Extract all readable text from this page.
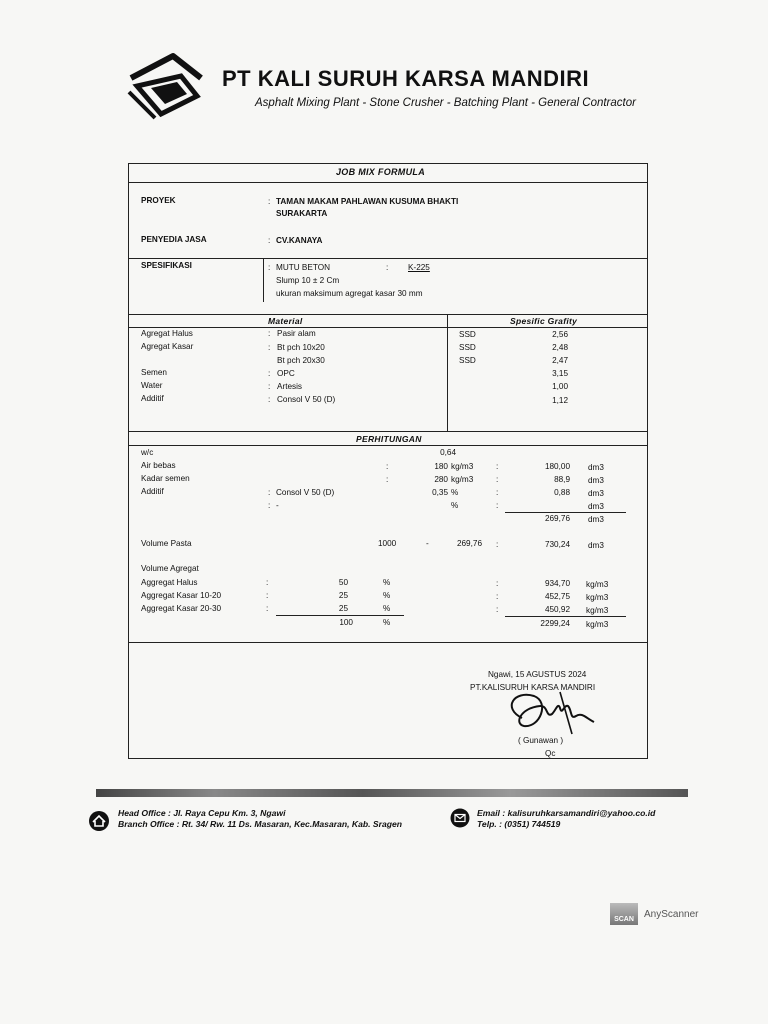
PT KALI SURUH KARSA MANDIRI
Asphalt Mixing Plant - Stone Crusher - Batching Plant - General Contractor
JOB MIX FORMULA
PROYEK	: TAMAN MAKAM PAHLAWAN KUSUMA BHAKTI
SURAKARTA
PENYEDIA JASA	: CV.KANAYA
SPESIFIKASI	: MUTU BETON	: K-225
Slump 10 ± 2 Cm
ukuran maksimum agregat kasar 30 mm
Material	Spesific Grafity
Agregat Halus	: Pasir alam	SSD	2,56
Agregat Kasar	: Bt pch 10x20	SSD	2,48
Bt pch 20x30	SSD	2,47
Semen	: OPC	3,15
Water	: Artesis	1,00
Additif	: Consol V 50 (D)	1,12
PERHITUNGAN
w/c	0,64
Air bebas	:	180 kg/m3	:	180,00 dm3
Kadar semen	:	280 kg/m3	:	88,9 dm3
Additif	: Consol V 50 (D)	0,35 %	:	0,88 dm3
: -	%	:	dm3
269,76 dm3
Volume Pasta	1000	-	269,76 :	730,24 dm3
Volume Agregat
Aggregat Halus	:	50	%	:	934,70 kg/m3
Aggregat Kasar 10-20	:	25	%	:	452,75 kg/m3
Aggregat Kasar 20-30	:	25	%	:	450,92 kg/m3
100	%	2299,24 kg/m3
Ngawi, 15 AGUSTUS 2024
PT.KALISURUH KARSA MANDIRI
( Gunawan )
Qc
Head Office : Jl. Raya Cepu Km. 3, Ngawi
Branch Office : Rt. 34/ Rw. 11 Ds. Masaran, Kec.Masaran, Kab. Sragen
Email : kalisuruhkarsamandiri@yahoo.co.id
Telp. : (0351) 744519
SCAN	AnyScanner
